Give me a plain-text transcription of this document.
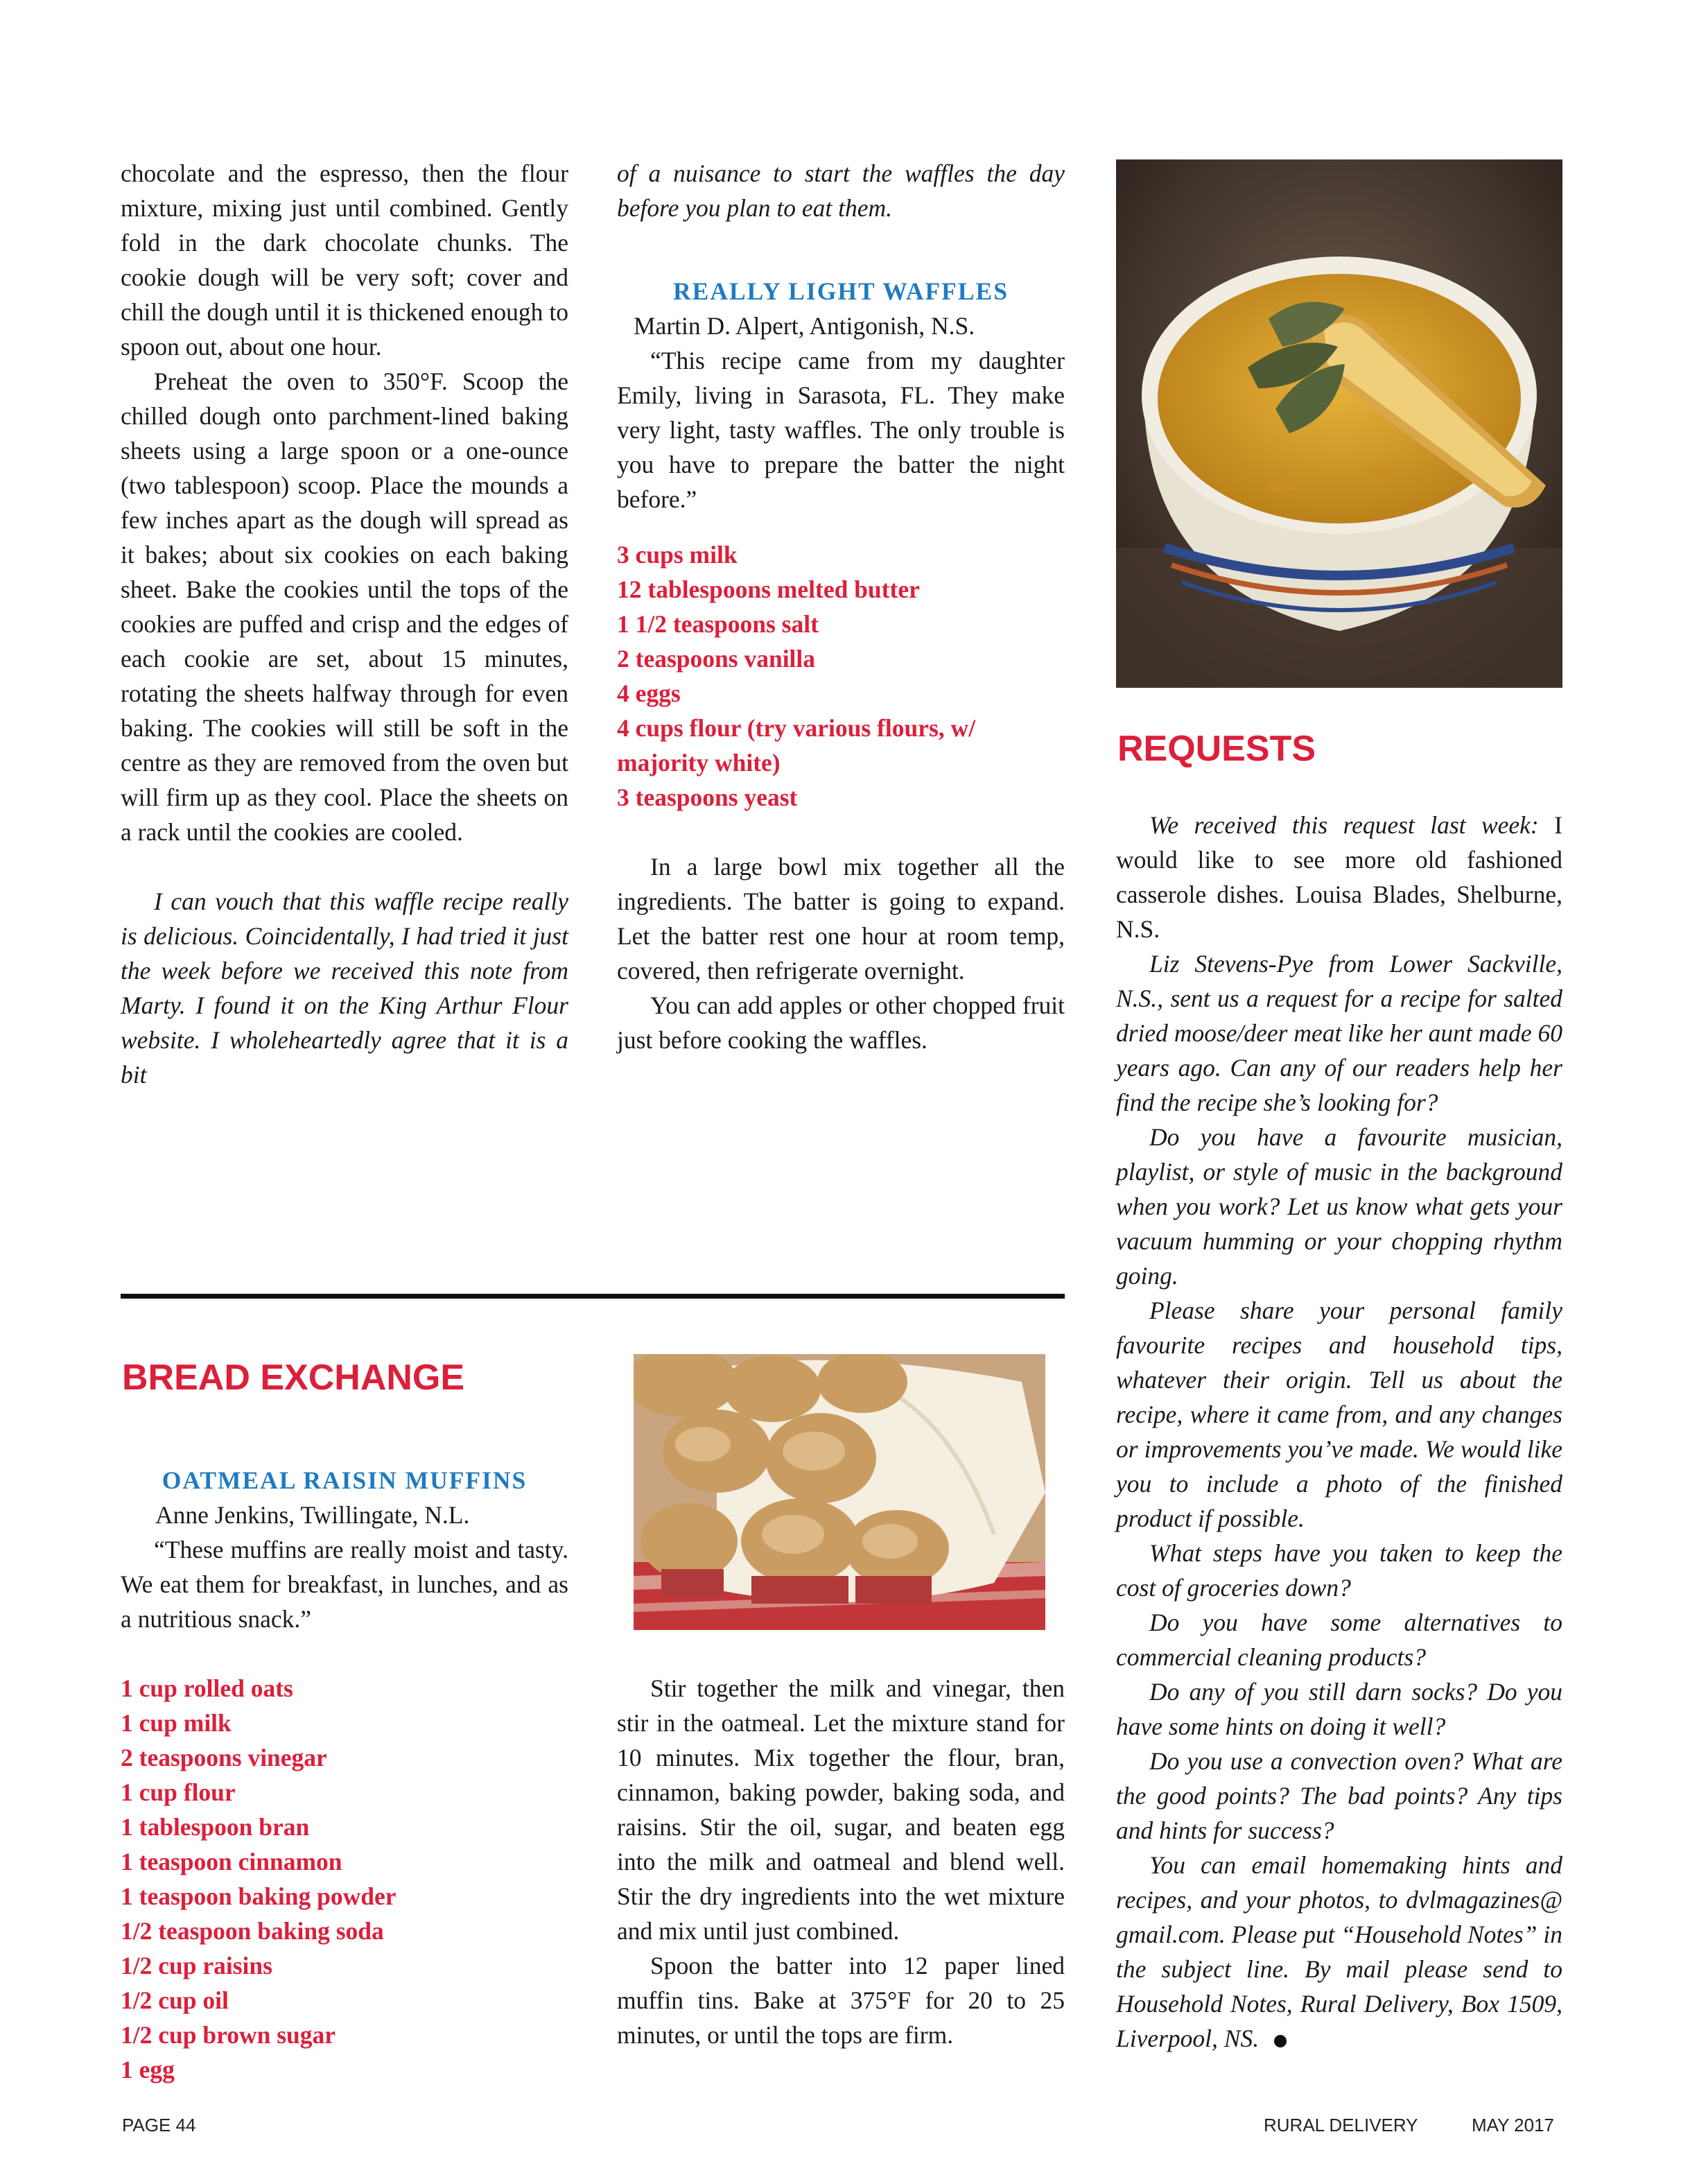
chocolate and the espresso, then the flour mixture, mixing just until combined. Gently fold in the dark chocolate chunks. The cookie dough will be very soft; cover and chill the dough until it is thickened enough to spoon out, about one hour.

Preheat the oven to 350°F. Scoop the chilled dough onto parchment-lined baking sheets using a large spoon or a one-ounce (two tablespoon) scoop. Place the mounds a few inches apart as the dough will spread as it bakes; about six cookies on each baking sheet. Bake the cookies until the tops of the cookies are puffed and crisp and the edges of each cookie are set, about 15 minutes, rotating the sheets halfway through for even baking. The cookies will still be soft in the centre as they are removed from the oven but will firm up as they cool. Place the sheets on a rack until the cookies are cooled.

I can vouch that this waffle recipe really is delicious. Coincidentally, I had tried it just the week before we received this note from Marty. I found it on the King Arthur Flour website. I wholeheartedly agree that it is a bit

of a nuisance to start the waffles the day before you plan to eat them.

REALLY LIGHT WAFFLES

Martin D. Alpert, Antigonish, N.S.

“This recipe came from my daughter Emily, living in Sarasota, FL. They make very light, tasty waffles. The only trouble is you have to prepare the batter the night before.”

3 cups milk

12 tablespoons melted butter

1 1/2 teaspoons salt

2 teaspoons vanilla

4 eggs

4 cups flour (try various flours, w/ majority white)

3 teaspoons yeast

In a large bowl mix together all the ingredients. The batter is going to expand. Let the batter rest one hour at room temp, covered, then refrigerate overnight.

You can add apples or other chopped fruit just before cooking the waffles.

REQUESTS

We received this request last week: I would like to see more old fashioned casserole dishes. Louisa Blades, Shelburne, N.S.

Liz Stevens-Pye from Lower Sackville, N.S., sent us a request for a recipe for salted dried moose/deer meat like her aunt made 60 years ago. Can any of our readers help her find the recipe she’s looking for?

Do you have a favourite musician, playlist, or style of music in the background when you work? Let us know what gets your vacuum humming or your chopping rhythm going.

Please share your personal family favourite recipes and household tips, whatever their origin. Tell us about the recipe, where it came from, and any changes or improvements you’ve made. We would like you to include a photo of the finished product if possible.

What steps have you taken to keep the cost of groceries down?

Do you have some alternatives to commercial cleaning products?

Do any of you still darn socks? Do you have some hints on doing it well?

Do you use a convection oven? What are the good points? The bad points? Any tips and hints for success?

You can email homemaking hints and recipes, and your photos, to dvlmagazines@ gmail.com. Please put “Household Notes” in the subject line. By mail please send to Household Notes, Rural Delivery, Box 1509, Liverpool, NS.

BREAD EXCHANGE

OATMEAL RAISIN MUFFINS

Anne Jenkins, Twillingate, N.L.

“These muffins are really moist and tasty. We eat them for breakfast, in lunches, and as a nutritious snack.”

1 cup rolled oats

1 cup milk

2 teaspoons vinegar

1 cup flour

1 tablespoon bran

1 teaspoon cinnamon

1 teaspoon baking powder

1/2 teaspoon baking soda

1/2 cup raisins

1/2 cup oil

1/2 cup brown sugar

1 egg

Stir together the milk and vinegar, then stir in the oatmeal. Let the mixture stand for 10 minutes. Mix together the flour, bran, cinnamon, baking powder, baking soda, and raisins. Stir the oil, sugar, and beaten egg into the milk and oatmeal and blend well. Stir the dry ingredients into the wet mixture and mix until just combined.

Spoon the batter into 12 paper lined muffin tins. Bake at 375°F for 20 to 25 minutes, or until the tops are firm.

PAGE 44	RURAL DELIVERY	MAY 2017
